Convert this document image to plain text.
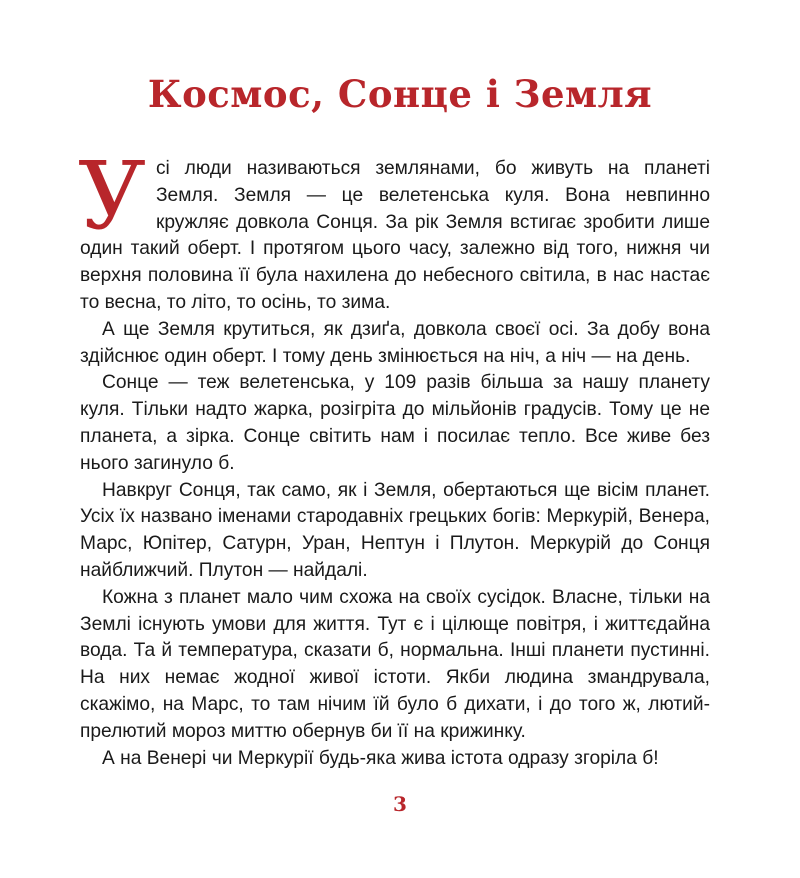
Космос, Сонце і Земля

Усі люди називаються землянами, бо живуть на планеті Земля. Земля — це велетенська куля. Вона невпинно кружляє довкола Сонця. За рік Земля встигає зробити лише один такий оберт. І протягом цього часу, залежно від того, нижня чи верхня половина її була нахилена до небесного світила, в нас настає то весна, то літо, то осінь, то зима.

А ще Земля крутиться, як дзиґа, довкола своєї осі. За добу вона здійснює один оберт. І тому день змінюється на ніч, а ніч — на день.

Сонце — теж велетенська, у 109 разів більша за нашу планету куля. Тільки надто жарка, розігріта до мільйонів градусів. Тому це не планета, а зірка. Сонце світить нам і посилає тепло. Все живе без нього загинуло б.

Навкруг Сонця, так само, як і Земля, обертаються ще вісім планет. Усіх їх названо іменами стародавніх грецьких богів: Меркурій, Венера, Марс, Юпітер, Сатурн, Уран, Нептун і Плутон. Меркурій до Сонця найближчий. Плутон — найдалі.

Кожна з планет мало чим схожа на своїх сусідок. Власне, тільки на Землі існують умови для життя. Тут є і цілюще повітря, і життєдайна вода. Та й температура, сказати б, нормальна. Інші планети пустинні. На них немає жодної живої істоти. Якби людина змандрувала, скажімо, на Марс, то там нічим їй було б дихати, і до того ж, лютий-прелютий мороз миттю обернув би її на крижинку.

А на Венері чи Меркурії будь-яка жива істота одразу згоріла б!

3
